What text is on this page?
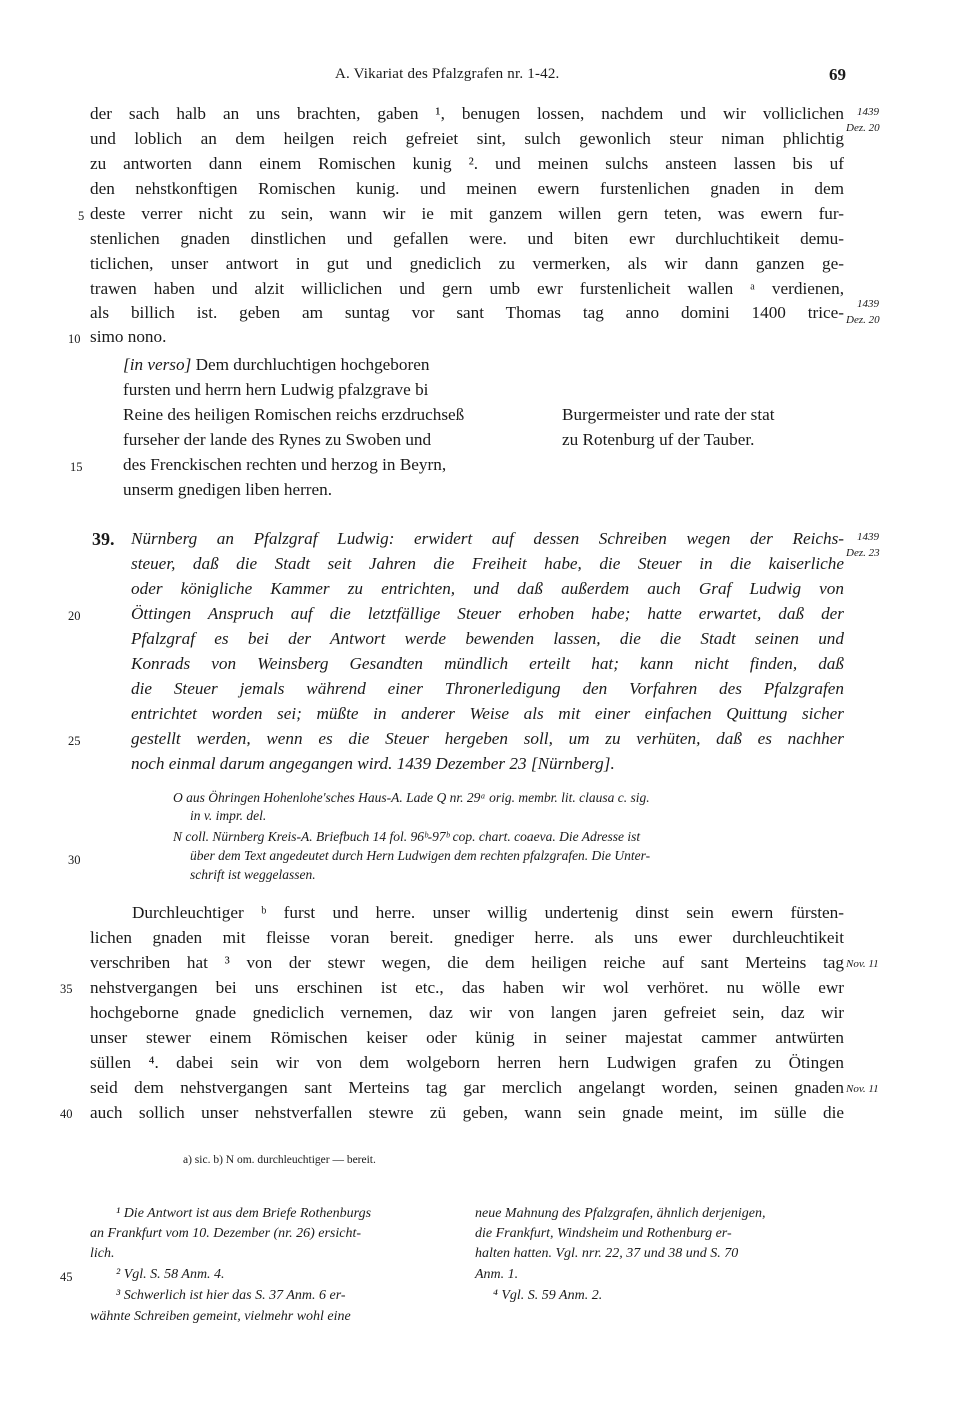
A. Vikariat des Pfalzgrafen nr. 1-42.	69
der sach halb an uns brachten, gaben ¹, benugen lossen, nachdem und wir volliclichen
und loblich an dem heilgen reich gefreiet sint, sulch gewonlich steur niman phlichtig
zu antworten dann einem Romischen kunig ². und meinen sulchs ansteen lassen bis uf
den nehstkonftigen Romischen kunig. und meinen ewern furstenlichen gnaden in dem
deste verrer nicht zu sein, wann wir ie mit ganzem willen gern teten, was ewern fur-
stenlichen gnaden dinstlichen und gefallen were. und biten ewr durchluchtikeit demu-
ticlichen, unser antwort in gut und gnediclich zu vermerken, als wir dann ganzen ge-
trawen haben und alzit williclichen und gern umb ewr furstenlicheit wallen ᵃ verdienen,
als billich ist. geben am suntag vor sant Thomas tag anno domini 1400 trice-
simo nono.
[in verso] Dem durchluchtigen hochgeboren
fursten und herrn hern Ludwig pfalzgrave bi
Reine des heiligen Romischen reichs erzdruchseß
furseher der lande des Rynes zu Swoben und
des Frenckischen rechten und herzog in Beyrn,
unserm gnedigen liben herren.
Burgermeister und rate der stat
zu Rotenburg uf der Tauber.
39. Nürnberg an Pfalzgraf Ludwig: erwidert auf dessen Schreiben wegen der Reichs-
steuer, daß die Stadt seit Jahren die Freiheit habe, die Steuer in die kaiserliche
oder königliche Kammer zu entrichten, und daß außerdem auch Graf Ludwig von
Öttingen Anspruch auf die letztfällige Steuer erhoben habe; hatte erwartet, daß der
Pfalzgraf es bei der Antwort werde bewenden lassen, die die Stadt seinen und
Konrads von Weinsberg Gesandten mündlich erteilt hat; kann nicht finden, daß
die Steuer jemals während einer Thronerledigung den Vorfahren des Pfalzgrafen
entrichtet worden sei; müßte in anderer Weise als mit einer einfachen Quittung sicher
gestellt werden, wenn es die Steuer hergeben soll, um zu verhüten, daß es nachher
noch einmal darum angegangen wird. 1439 Dezember 23 [Nürnberg].
O aus Öhringen Hohenlohe'sches Haus-A. Lade Q nr. 29ᵃ orig. membr. lit. clausa c. sig.
in v. impr. del.
N coll. Nürnberg Kreis-A. Briefbuch 14 fol. 96ᵇ-97ᵇ cop. chart. coaeva. Die Adresse ist
über dem Text angedeutet durch Hern Ludwigen dem rechten pfalzgrafen. Die Unter-
schrift ist weggelassen.
Durchleuchtiger ᵇ furst und herre. unser willig undertenig dinst sein ewern fürsten-
lichen gnaden mit fleisse voran bereit. gnediger herre. als uns ewer durchleuchtikeit
verschriben hat ³ von der stewr wegen, die dem heiligen reiche auf sant Merteins tag
nehstvergangen bei uns erschinen ist etc., das haben wir wol verhöret. nu wölle ewr
hochgeborne gnade gnediclich vernemen, daz wir von langen jaren gefreiet sein, daz wir
unser stewer einem Römischen keiser oder künig in seiner majestat cammer antwürten
süllen ⁴. dabei sein wir von dem wolgeborn herren hern Ludwigen grafen zu Ötingen
seid dem nehstvergangen sant Merteins tag gar merclich angelangt worden, seinen gnaden
auch sollich unser nehstverfallen stewre zü geben, wann sein gnade meint, im sülle die
1439
Dez. 20
1439
Dez. 20
1439
Dez. 23
Nov. 11
Nov. 11
5
10
15
20
25
30
35
40
45
a) sic. b) N om. durchleuchtiger — bereit.
¹ Die Antwort ist aus dem Briefe Rothenburgs
an Frankfurt vom 10. Dezember (nr. 26) ersicht-
lich.
² Vgl. S. 58 Anm. 4.
³ Schwerlich ist hier das S. 37 Anm. 6 er-
wähnte Schreiben gemeint, vielmehr wohl eine
neue Mahnung des Pfalzgrafen, ähnlich derjenigen,
die Frankfurt, Windsheim und Rothenburg er-
halten hatten. Vgl. nrr. 22, 37 und 38 und S. 70
Anm. 1.
⁴ Vgl. S. 59 Anm. 2.
